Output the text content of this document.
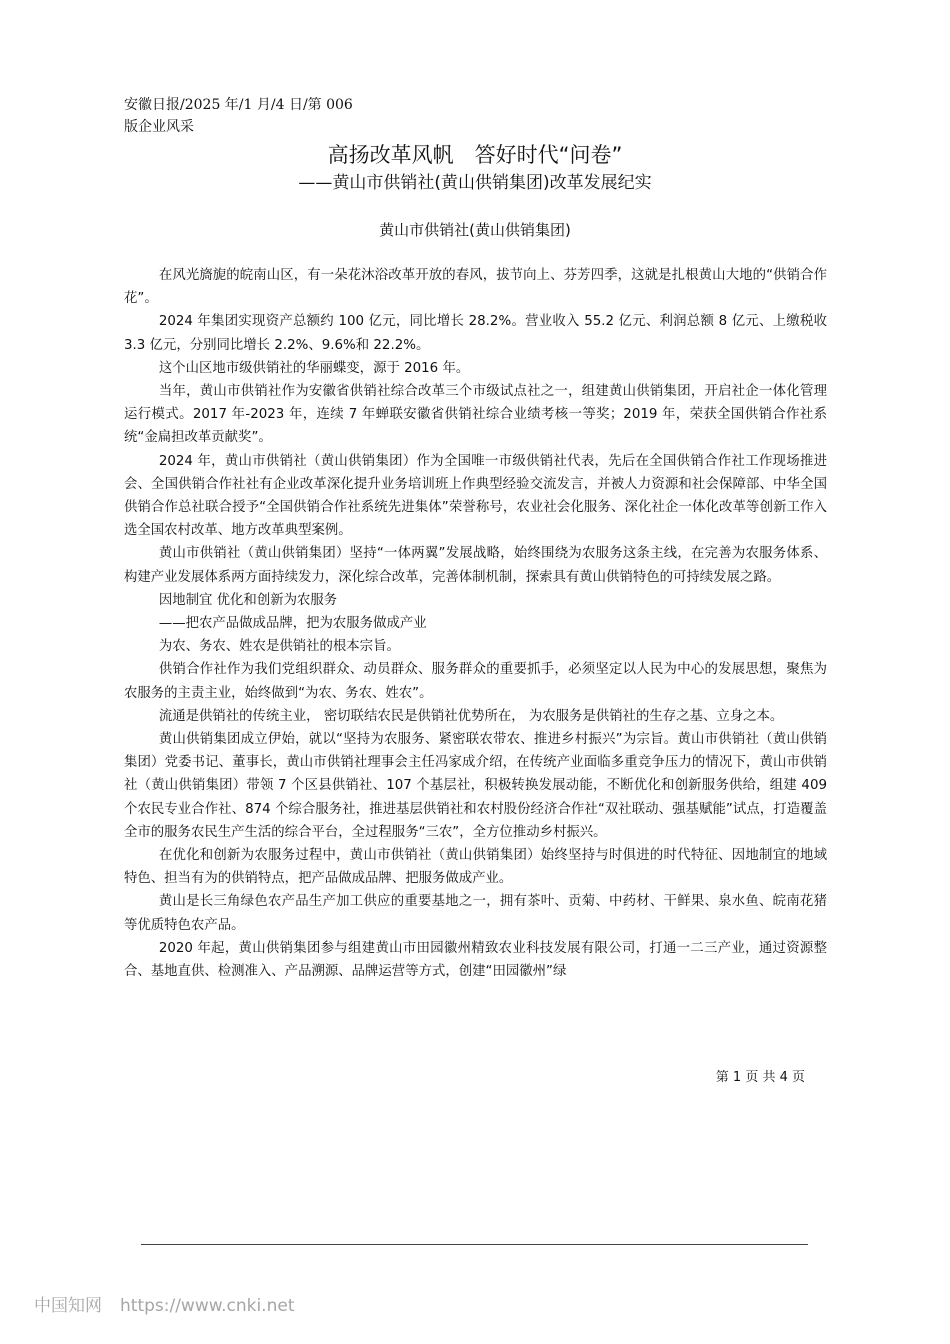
安徽日报/2025 年/1 月/4 日/第 006
版企业风采
高扬改革风帆　答好时代“问卷”
——黄山市供销社(黄山供销集团)改革发展纪实
黄山市供销社(黄山供销集团)

在风光旖旎的皖南山区，有一朵花沐浴改革开放的春风，拔节向上、芬芳四季，这就是扎根黄山大地的“供销合作花”。

2024 年集团实现资产总额约 100 亿元，同比增长 28.2%。营业收入 55.2 亿元、利润总额 8 亿元、上缴税收 3.3 亿元，分别同比增长 2.2%、9.6%和 22.2%。

这个山区地市级供销社的华丽蝶变，源于 2016 年。

当年，黄山市供销社作为安徽省供销社综合改革三个市级试点社之一，组建黄山供销集团，开启社企一体化管理运行模式。2017 年-2023 年，连续 7 年蝉联安徽省供销社综合业绩考核一等奖；2019 年，荣获全国供销合作社系统“金扁担改革贡献奖”。

2024 年，黄山市供销社（黄山供销集团）作为全国唯一市级供销社代表，先后在全国供销合作社工作现场推进会、全国供销合作社社有企业改革深化提升业务培训班上作典型经验交流发言，并被人力资源和社会保障部、中华全国供销合作总社联合授予“全国供销合作社系统先进集体”荣誉称号，农业社会化服务、深化社企一体化改革等创新工作入选全国农村改革、地方改革典型案例。

黄山市供销社（黄山供销集团）坚持“一体两翼”发展战略，始终围绕为农服务这条主线，在完善为农服务体系、构建产业发展体系两方面持续发力，深化综合改革，完善体制机制，探索具有黄山供销特色的可持续发展之路。

因地制宜 优化和创新为农服务

——把农产品做成品牌，把为农服务做成产业

为农、务农、姓农是供销社的根本宗旨。

供销合作社作为我们党组织群众、动员群众、服务群众的重要抓手，必须坚定以人民为中心的发展思想，聚焦为农服务的主责主业，始终做到“为农、务农、姓农”。

流通是供销社的传统主业， 密切联结农民是供销社优势所在， 为农服务是供销社的生存之基、立身之本。

黄山供销集团成立伊始，就以“坚持为农服务、紧密联农带农、推进乡村振兴”为宗旨。黄山市供销社（黄山供销集团）党委书记、董事长，黄山市供销社理事会主任冯家成介绍，在传统产业面临多重竞争压力的情况下，黄山市供销社（黄山供销集团）带领 7 个区县供销社、107 个基层社，积极转换发展动能，不断优化和创新服务供给，组建 409 个农民专业合作社、874 个综合服务社，推进基层供销社和农村股份经济合作社“双社联动、强基赋能”试点，打造覆盖全市的服务农民生产生活的综合平台，全过程服务“三农”，全方位推动乡村振兴。

在优化和创新为农服务过程中，黄山市供销社（黄山供销集团）始终坚持与时俱进的时代特征、因地制宜的地域特色、担当有为的供销特点，把产品做成品牌、把服务做成产业。

黄山是长三角绿色农产品生产加工供应的重要基地之一，拥有茶叶、贡菊、中药材、干鲜果、泉水鱼、皖南花猪等优质特色农产品。

2020 年起，黄山供销集团参与组建黄山市田园徽州精致农业科技发展有限公司，打通一二三产业，通过资源整合、基地直供、检测准入、产品溯源、品牌运营等方式，创建“田园徽州”绿

第 1 页 共 4 页
中国知网 https://www.cnki.net
